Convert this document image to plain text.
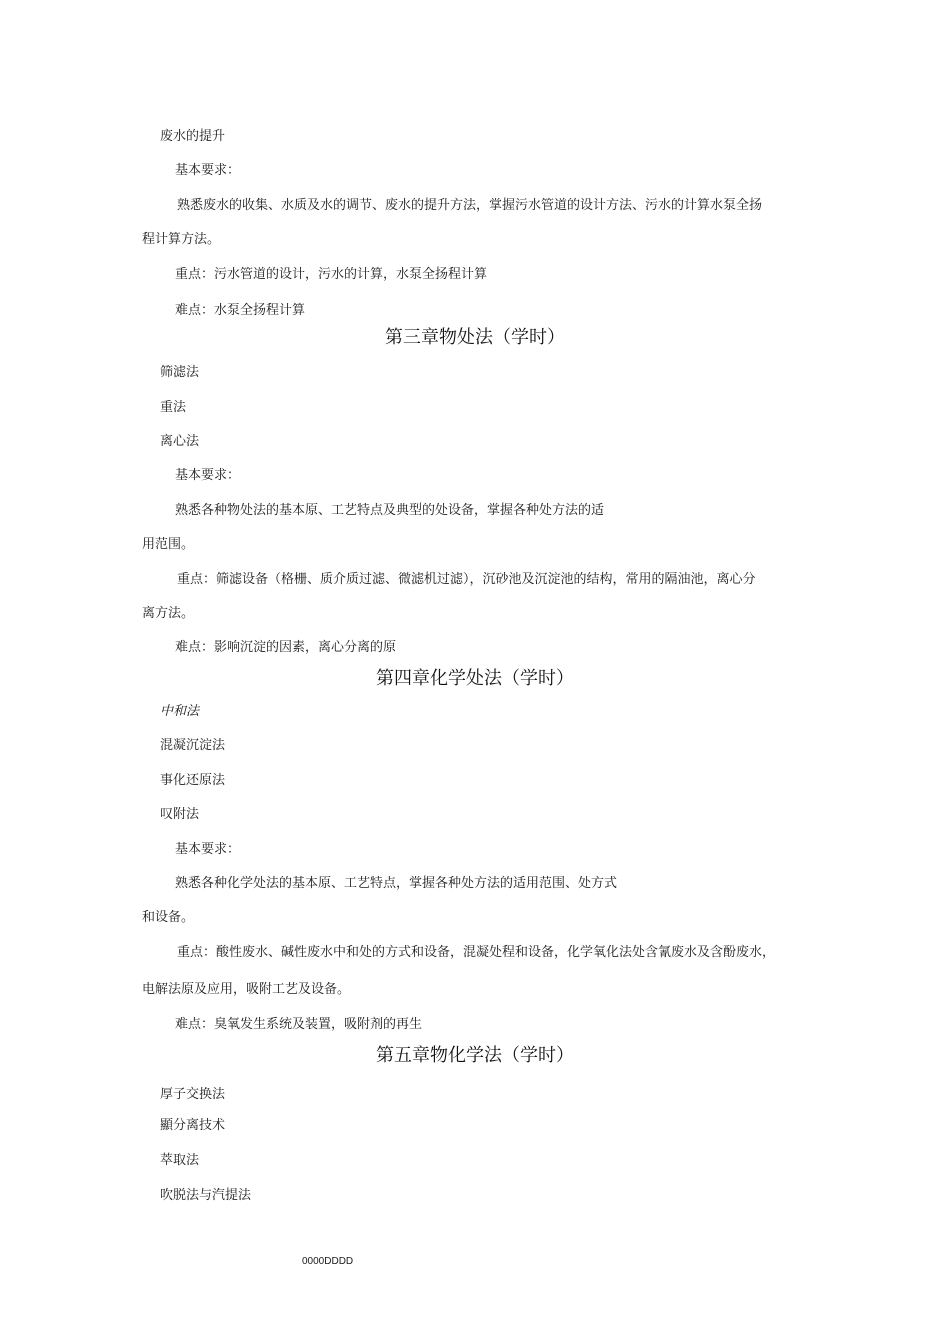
废水的提升
基本要求：
熟悉废水的收集、水质及水的调节、废水的提升方法，掌握污水管道的设计方法、污水的计算水泵全扬
程计算方法。
重点：污水管道的设计，污水的计算，水泵全扬程计算
难点：水泵全扬程计算
第三章物处法（学时）
筛滤法
重法
离心法
基本要求：
熟悉各种物处法的基本原、工艺特点及典型的处设备，掌握各种处方法的适
用范围。
重点：筛滤设备（格栅、质介质过滤、微滤机过滤），沉砂池及沉淀池的结构，常用的隔油池，离心分
离方法。
难点：影响沉淀的因素，离心分离的原
第四章化学处法（学时）
中和法
混凝沉淀法
事化还原法
叹附法
基本要求：
熟悉各种化学处法的基本原、工艺特点，掌握各种处方法的适用范围、处方式
和设备。
重点：酸性废水、碱性废水中和处的方式和设备，混凝处程和设备，化学氧化法处含氰废水及含酚废水，
电解法原及应用，吸附工艺及设备。
难点：臭氧发生系统及装置，吸附剂的再生
第五章物化学法（学时）
厚子交换法
顯分离技术
萃取法
吹脱法与汽提法
0000DDDD
